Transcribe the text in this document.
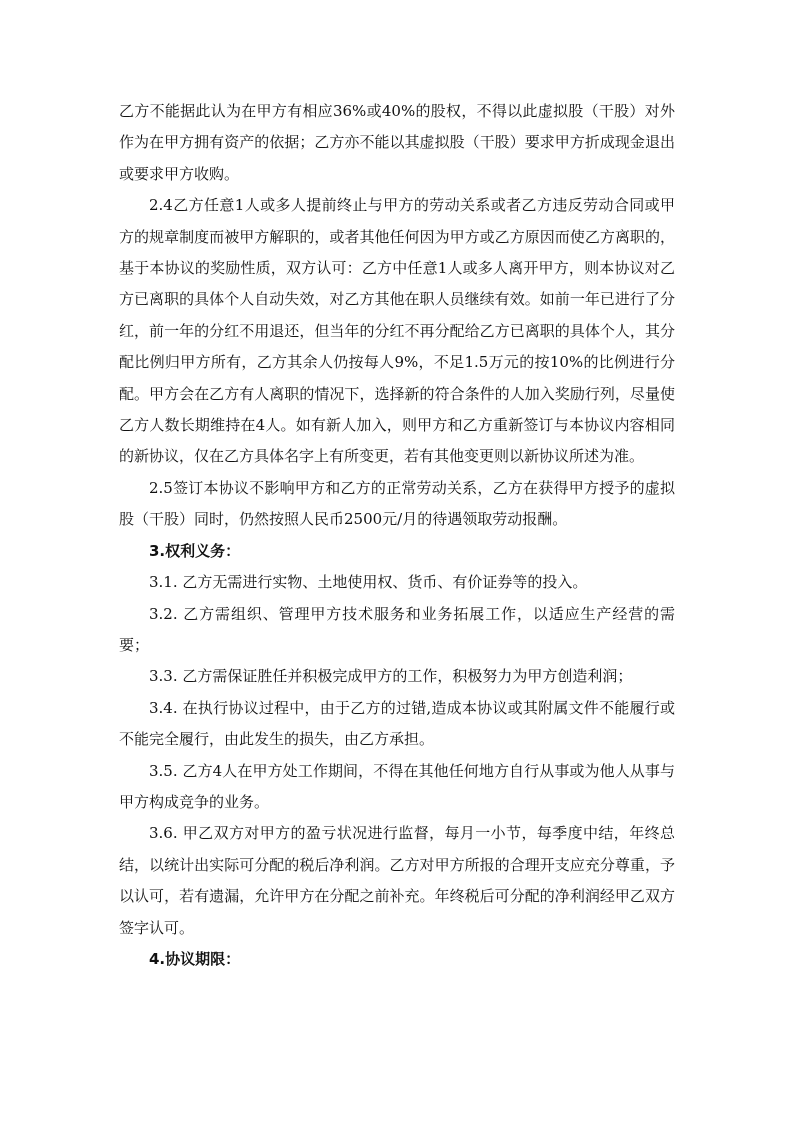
乙方不能据此认为在甲方有相应36%或40%的股权，不得以此虚拟股（干股）对外作为在甲方拥有资产的依据；乙方亦不能以其虚拟股（干股）要求甲方折成现金退出或要求甲方收购。

2.4乙方任意1人或多人提前终止与甲方的劳动关系或者乙方违反劳动合同或甲方的规章制度而被甲方解职的，或者其他任何因为甲方或乙方原因而使乙方离职的，基于本协议的奖励性质，双方认可：乙方中任意1人或多人离开甲方，则本协议对乙方已离职的具体个人自动失效，对乙方其他在职人员继续有效。如前一年已进行了分红，前一年的分红不用退还，但当年的分红不再分配给乙方已离职的具体个人，其分配比例归甲方所有，乙方其余人仍按每人9%，不足1.5万元的按10%的比例进行分配。甲方会在乙方有人离职的情况下，选择新的符合条件的人加入奖励行列，尽量使乙方人数长期维持在4人。如有新人加入，则甲方和乙方重新签订与本协议内容相同的新协议，仅在乙方具体名字上有所变更，若有其他变更则以新协议所述为准。

2.5签订本协议不影响甲方和乙方的正常劳动关系，乙方在获得甲方授予的虚拟股（干股）同时，仍然按照人民币2500元/月的待遇领取劳动报酬。

3.权利义务：

3.1. 乙方无需进行实物、土地使用权、货币、有价证券等的投入。

3.2. 乙方需组织、管理甲方技术服务和业务拓展工作，以适应生产经营的需要；

3.3. 乙方需保证胜任并积极完成甲方的工作，积极努力为甲方创造利润；

3.4. 在执行协议过程中，由于乙方的过错,造成本协议或其附属文件不能履行或不能完全履行，由此发生的损失，由乙方承担。

3.5. 乙方4人在甲方处工作期间，不得在其他任何地方自行从事或为他人从事与甲方构成竞争的业务。

3.6. 甲乙双方对甲方的盈亏状况进行监督，每月一小节，每季度中结，年终总结，以统计出实际可分配的税后净利润。乙方对甲方所报的合理开支应充分尊重，予以认可，若有遗漏，允许甲方在分配之前补充。年终税后可分配的净利润经甲乙双方签字认可。

4.协议期限：
